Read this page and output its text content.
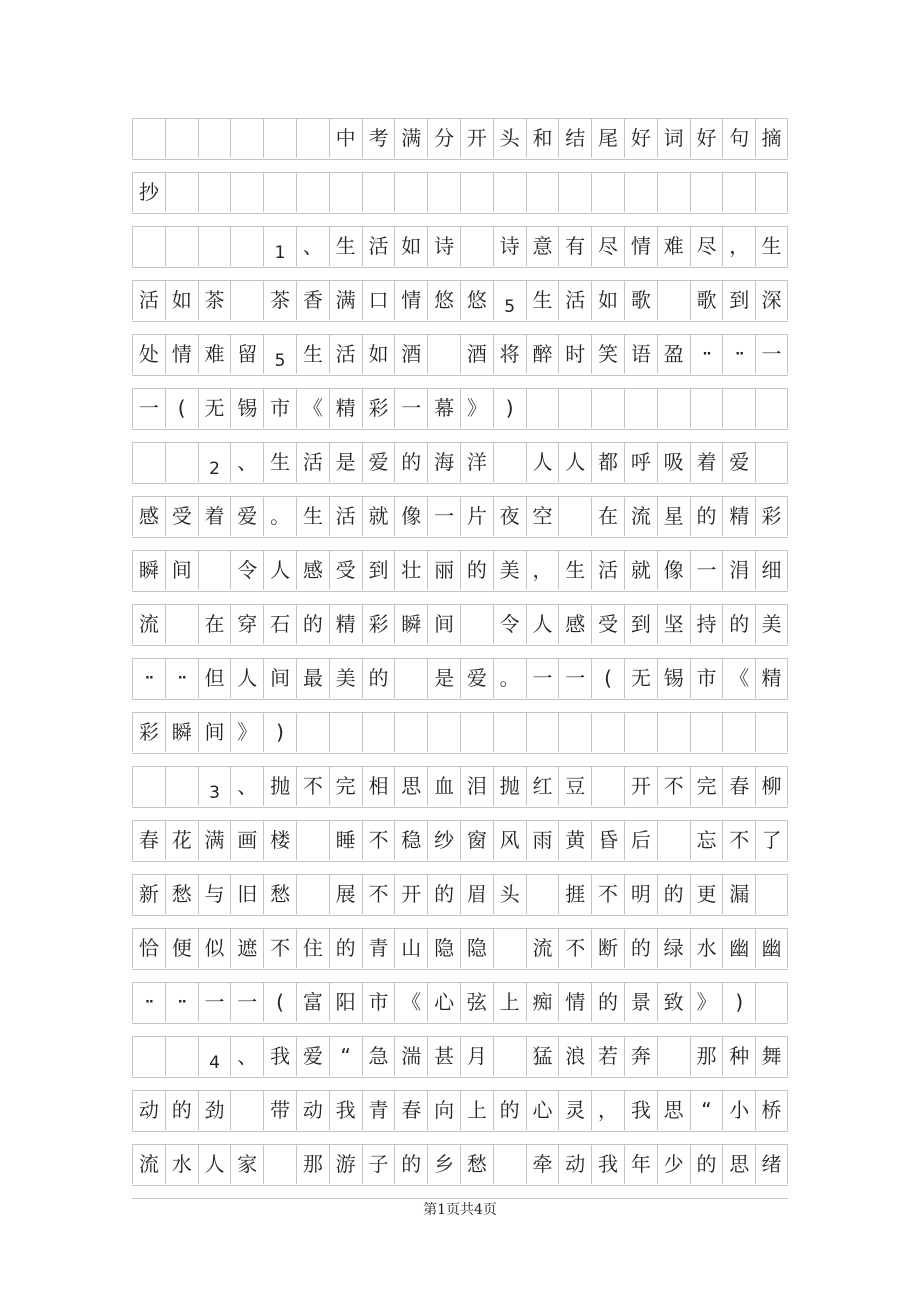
中 考 满 分 开 头 和 结 尾 好 词 好 句 摘
抄
1 、 生 活 如 诗	诗 意 有 尽 情 难 尽 ， 生
活 如 茶	茶 香 满 口 情 悠 悠	5 生 活 如 歌	歌 到 深
处 情 难 留	5 生 活 如 酒	酒 将 醉 时 笑 语 盈	··	·· 一
一 ( 无 锡 市 《 精 彩 一 幕 》 )
2 、 生 活 是 爱 的 海 洋	人 人 都 呼 吸 着 爱
感 受 着 爱 。 生 活 就 像 一 片 夜 空	在 流 星 的 精 彩
瞬 间	令 人 感 受 到 壮 丽 的 美 ， 生 活 就 像 一 涓 细
流	在 穿 石 的 精 彩 瞬 间	令 人 感 受 到 坚 持 的 美
··	·· 但 人 间 最 美 的	是 爱 。 一 一 ( 无 锡 市 《 精
彩 瞬 间 》 )
3 、 抛 不 完 相 思 血 泪 抛 红 豆	开 不 完 春 柳
春 花 满 画 楼	睡 不 稳 纱 窗 风 雨 黄 昏 后	忘 不 了
新 愁 与 旧 愁	展 不 开 的 眉 头	捱 不 明 的 更 漏
恰 便 似 遮 不 住 的 青 山 隐 隐	流 不 断 的 绿 水 幽 幽
··	·· 一 一 ( 富 阳 市 《 心 弦 上 痴 情 的 景 致 》 )
4 、 我 爱 “ 急 湍 甚 月	猛 浪 若 奔	那 种 舞
动 的 劲	带 动 我 青 春 向 上 的 心 灵 ， 我 思 “ 小 桥
流 水 人 家	那 游 子 的 乡 愁	牵 动 我 年 少 的 思 绪
第1页共4页
